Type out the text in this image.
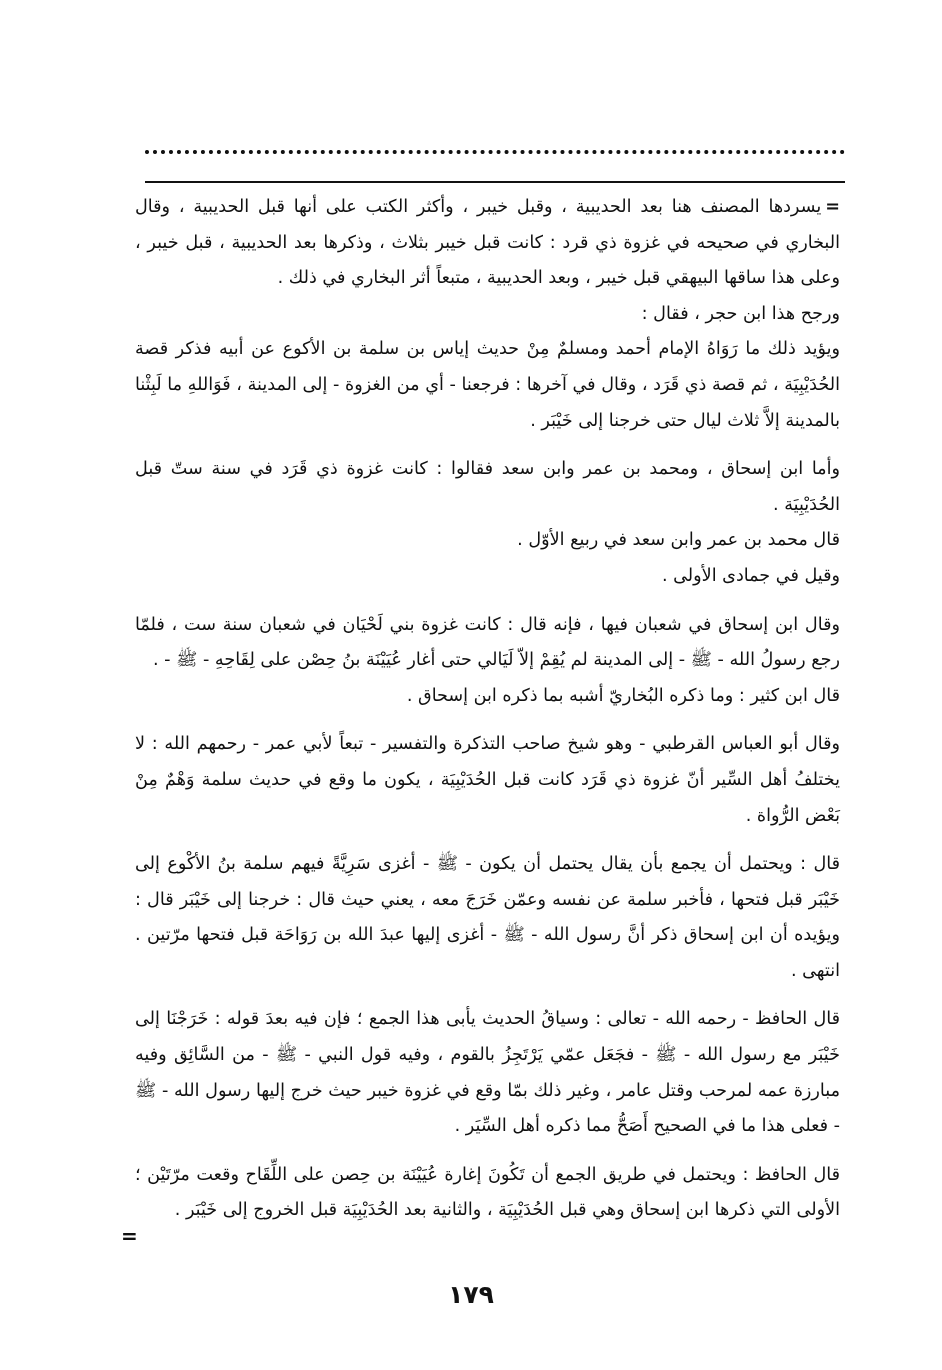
=يسردها المصنف هنا بعد الحديبية ، وقبل خيبر ، وأكثر الكتب على أنها قبل الحديبية ، وقال البخاري في صحيحه في غزوة ذي قرد : كانت قبل خيبر بثلاث ، وذكرها بعد الحديبية ، قبل خيبر ، وعلى هذا ساقها البيهقي قبل خيبر ، وبعد الحديبية ، متبعاً أثر البخاري في ذلك .

ورجح هذا ابن حجر ، فقال :

ويؤيد ذلك ما رَوَاهُ الإمام أحمد ومسلمٌ مِنْ حديث إياس بن سلمة بن الأكوع عن أبيه فذكر قصة الحُدَيْبِيَة ، ثم قصة ذي قَرَد ، وقال في آخرها : فرجعنا - أي من الغزوة - إلى المدينة ، فَوَاللهِ ما لَبِثْنا بالمدينة إلاَّ ثلاث ليال حتى خرجنا إلى خَيْبَر .

وأما ابن إسحاق ، ومحمد بن عمر وابن سعد فقالوا : كانت غزوة ذي قَرَد في سنة ستّ قبل الحُدَيْبِيَة .

قال محمد بن عمر وابن سعد في ربيع الأوّل .

وقيل في جمادى الأولى .

وقال ابن إسحاق في شعبان فيها ، فإنه قال : كانت غزوة بني لَحْيَان في شعبان سنة ست ، فلمّا رجع رسولُ الله - ﷺ - إلى المدينة لم يُقِمْ إلاّ لَيَالي حتى أغار عُيَيْنَة بنُ حِصْن على لِقَاحِهِ - ﷺ - .

قال ابن كثير : وما ذكره البُخاريّ أشبه بما ذكره ابن إسحاق .

وقال أبو العباس القرطبي - وهو شيخ صاحب التذكرة والتفسير - تبعاً لأبي عمر - رحمهم الله : لا يختلفُ أهل السِّير أنّ غزوة ذي قَرَد كانت قبل الحُدَيْبِيَة ، يكون ما وقع في حديث سلمة وَهْمٌ مِنْ بَعْض الرُّواة .

قال : ويحتمل أن يجمع بأن يقال يحتمل أن يكون - ﷺ - أغزى سَرِيَّةً فيهم سلمة بنُ الأكْوع إلى خَيْبَر قبل فتحها ، فأخبر سلمة عن نفسه وعمّن خَرَجَ معه ، يعني حيث قال : خرجنا إلى خَيْبَر قال : ويؤيده أن ابن إسحاق ذكر أنَّ رسول الله - ﷺ - أغزى إليها عبدَ الله بن رَوَاحَة قبل فتحها مرّتين . انتهى .

قال الحافظ - رحمه الله - تعالى : وسياقُ الحديث يأبى هذا الجمع ؛ فإن فيه بعدَ قوله : خَرَجْنَا إلى خَيْبَر مع رسول الله - ﷺ - فجَعَل عمّي يَرْتَجِزُ بالقوم ، وفيه قول النبي - ﷺ - من السَّائِق وفيه مبارزة عمه لمرحب وقتل عامر ، وغير ذلك بمّا وقع في غزوة خيبر حيث خرج إليها رسول الله - ﷺ - فعلى هذا ما في الصحيح أَصَحُّ مما ذكره أهل السِّيَر .

قال الحافظ : ويحتمل في طريق الجمع أن تَكُونَ إغارة عُيَيْنَة بن حِصن على اللِّقَاح وقعت مرّتَيْن ؛ الأولى التي ذكرها ابن إسحاق وهي قبل الحُدَيْبِيَة ، والثانية بعد الحُدَيْبِيَة قبل الخروج إلى خَيْبَر .

=
١٧٩
